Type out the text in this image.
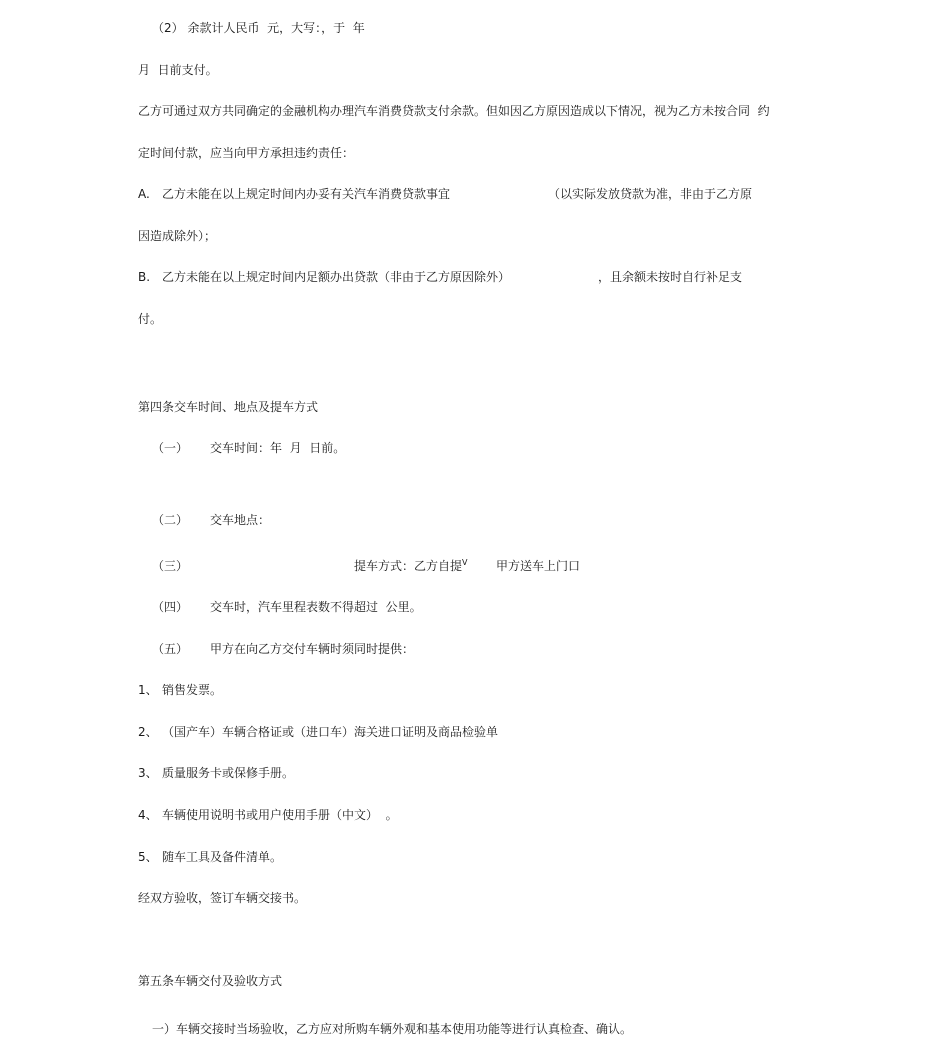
（2） 余款计人民币  元，大写：，于  年
月  日前支付。
乙方可通过双方共同确定的金融机构办理汽车消费贷款支付余款。但如因乙方原因造成以下情况，视为乙方未按合同  约
定时间付款，应当向甲方承担违约责任：
A. 乙方未能在以上规定时间内办妥有关汽车消费贷款事宜	（以实际发放贷款为准，非由于乙方原
因造成除外）；
B. 乙方未能在以上规定时间内足额办出贷款（非由于乙方原因除外）	，且余额未按时自行补足支
付。
第四条交车时间、地点及提车方式
（一） 交车时间：年  月  日前。
（二） 交车地点：
（三）	提车方式：乙方自提$^V$ 甲方送车上门口
（四） 交车时，汽车里程表数不得超过  公里。
（五） 甲方在向乙方交付车辆时须同时提供：
1、 销售发票。
2、 （国产车）车辆合格证或（进口车）海关进口证明及商品检验单
3、 质量服务卡或保修手册。
4、 车辆使用说明书或用户使用手册（中文）  。
5、 随车工具及备件清单。
经双方验收，签订车辆交接书。
第五条车辆交付及验收方式
一）车辆交接时当场验收，乙方应对所购车辆外观和基本使用功能等进行认真检查、确认。
